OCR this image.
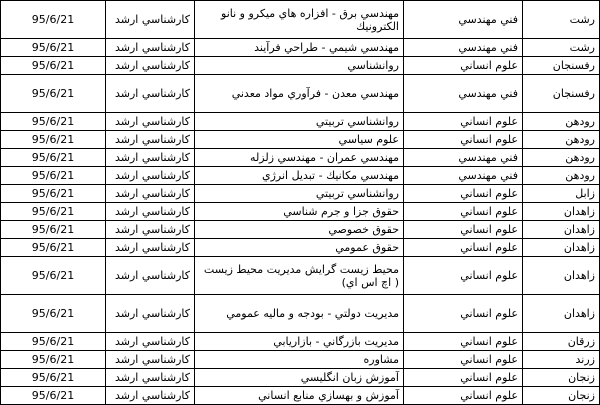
رشت	فني مهندسي	مهندسي برق - افزاره هاي ميكرو و نانو الكترونيك	كارشناسي ارشد	95/6/21
رشت	فني مهندسي	مهندسي شيمي - طراحي فرآيند	كارشناسي ارشد	95/6/21
رفسنجان	علوم انساني	روانشناسي	كارشناسي ارشد	95/6/21
رفسنجان	فني مهندسي	مهندسي معدن - فرآوري مواد معدني	كارشناسي ارشد	95/6/21
رودهن	علوم انساني	روانشناسي تربيتي	كارشناسي ارشد	95/6/21
رودهن	علوم انساني	علوم سياسي	كارشناسي ارشد	95/6/21
رودهن	فني مهندسي	مهندسي عمران - مهندسي زلزله	كارشناسي ارشد	95/6/21
رودهن	فني مهندسي	مهندسي مكانيك - تبديل انرژي	كارشناسي ارشد	95/6/21
زابل	علوم انساني	روانشناسي تربيتي	كارشناسي ارشد	95/6/21
زاهدان	علوم انساني	حقوق جزا و جرم شناسي	كارشناسي ارشد	95/6/21
زاهدان	علوم انساني	حقوق خصوصي	كارشناسي ارشد	95/6/21
زاهدان	علوم انساني	حقوق عمومي	كارشناسي ارشد	95/6/21
زاهدان	علوم انساني	محيط زيست گرايش مديريت محيط زيست ( اچ اس اي)	كارشناسي ارشد	95/6/21
زاهدان	علوم انساني	مديريت دولتي - بودجه و ماليه عمومي	كارشناسي ارشد	95/6/21
زرقان	علوم انساني	مديريت بازرگاني - بازاريابي	كارشناسي ارشد	95/6/21
زرند	علوم انساني	مشاوره	كارشناسي ارشد	95/6/21
زنجان	علوم انساني	آموزش زبان انگليسي	كارشناسي ارشد	95/6/21
زنجان	علوم انساني	آموزش و بهسازي منابع انساني	كارشناسي ارشد	95/6/21
